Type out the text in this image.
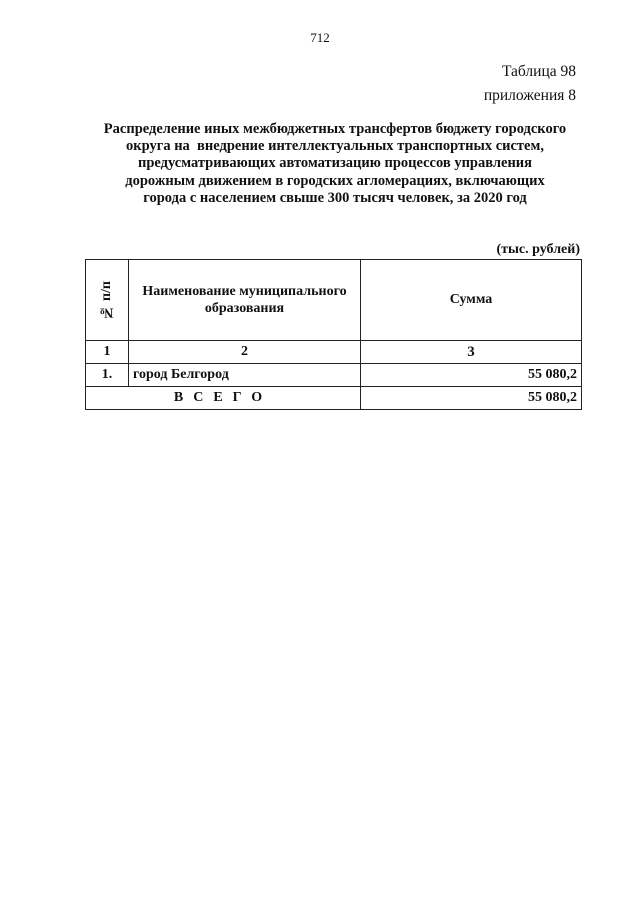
712
Таблица 98
приложения 8
Распределение иных межбюджетных трансфертов бюджету городского
округа на  внедрение интеллектуальных транспортных систем,
предусматривающих автоматизацию процессов управления
дорожным движением в городских агломерациях, включающих
города с населением свыше 300 тысяч человек, за 2020 год
(тыс. рублей)
№ п/п	Наименование муниципального образования	Сумма
1	2	3
1.	город Белгород	55 080,2
ВСЕГО		55 080,2
